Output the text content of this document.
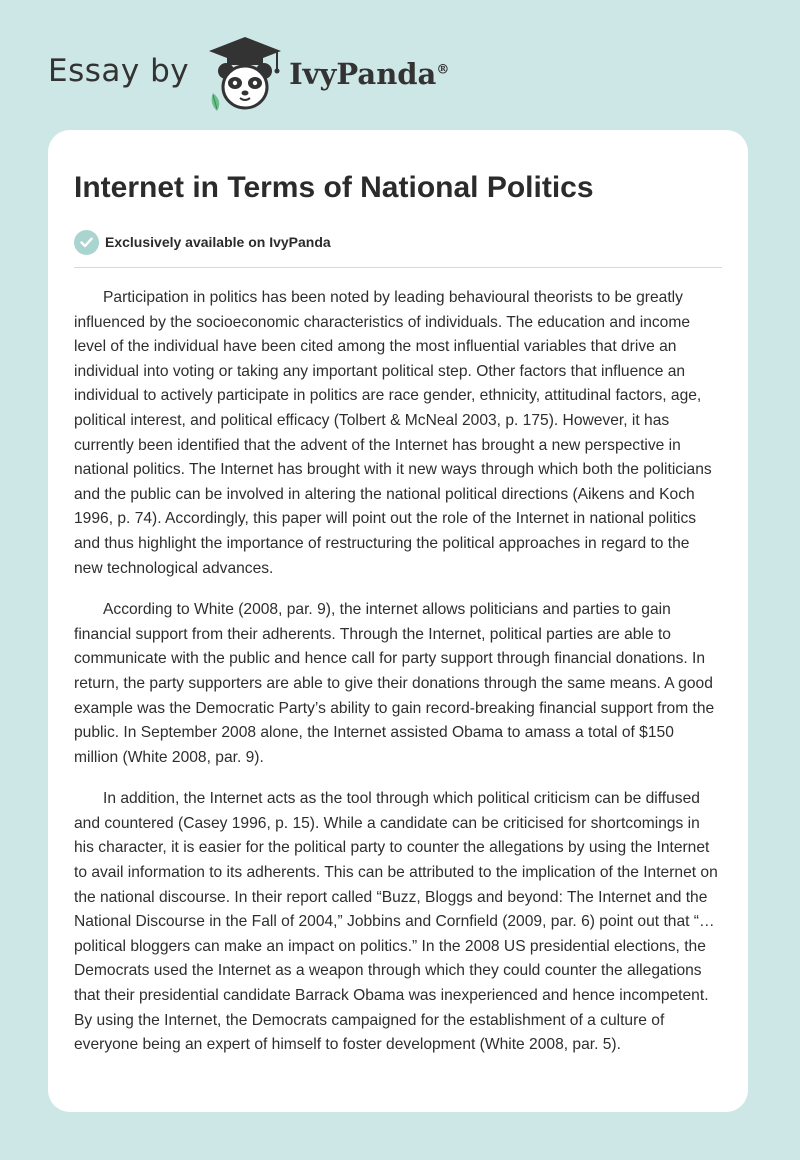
Essay by	IvyPanda®
Internet in Terms of National Politics
Exclusively available on IvyPanda

Participation in politics has been noted by leading behavioural theorists to be greatly influenced by the socioeconomic characteristics of individuals. The education and income level of the individual have been cited among the most influential variables that drive an individual into voting or taking any important political step. Other factors that influence an individual to actively participate in politics are race gender, ethnicity, attitudinal factors, age, political interest, and political efficacy (Tolbert & McNeal 2003, p. 175). However, it has currently been identified that the advent of the Internet has brought a new perspective in national politics. The Internet has brought with it new ways through which both the politicians and the public can be involved in altering the national political directions (Aikens and Koch 1996, p. 74). Accordingly, this paper will point out the role of the Internet in national politics and thus highlight the importance of restructuring the political approaches in regard to the new technological advances.

According to White (2008, par. 9), the internet allows politicians and parties to gain financial support from their adherents. Through the Internet, political parties are able to communicate with the public and hence call for party support through financial donations. In return, the party supporters are able to give their donations through the same means. A good example was the Democratic Party’s ability to gain record-breaking financial support from the public. In September 2008 alone, the Internet assisted Obama to amass a total of $150 million (White 2008, par. 9).

In addition, the Internet acts as the tool through which political criticism can be diffused and countered (Casey 1996, p. 15). While a candidate can be criticised for shortcomings in his character, it is easier for the political party to counter the allegations by using the Internet to avail information to its adherents. This can be attributed to the implication of the Internet on the national discourse. In their report called “Buzz, Bloggs and beyond: The Internet and the National Discourse in the Fall of 2004,” Jobbins and Cornfield (2009, par. 6) point out that “…political bloggers can make an impact on politics.” In the 2008 US presidential elections, the Democrats used the Internet as a weapon through which they could counter the allegations that their presidential candidate Barrack Obama was inexperienced and hence incompetent. By using the Internet, the Democrats campaigned for the establishment of a culture of everyone being an expert of himself to foster development (White 2008, par. 5).
